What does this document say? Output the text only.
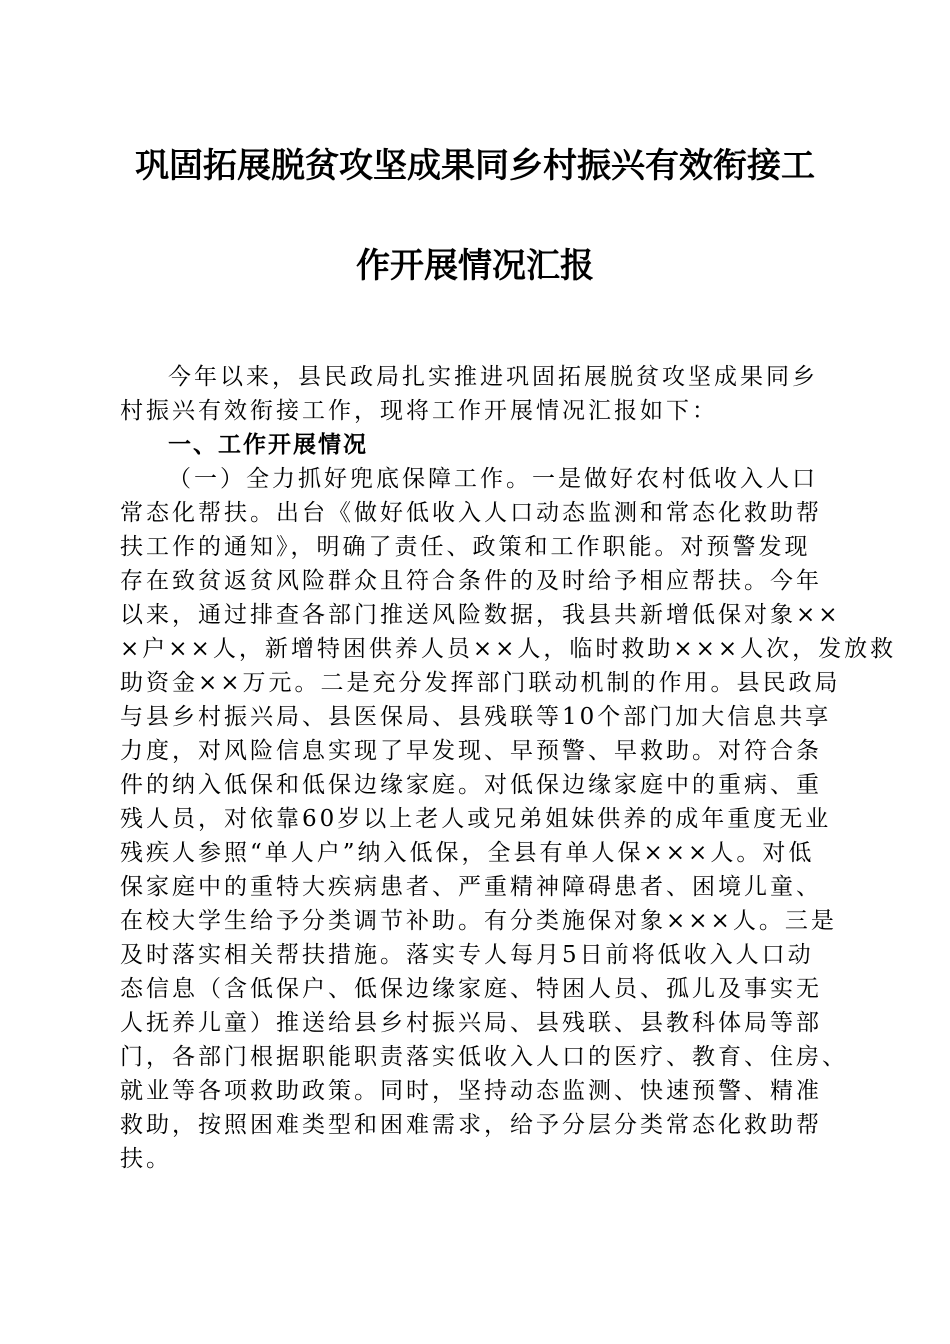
巩固拓展脱贫攻坚成果同乡村振兴有效衔接工
作开展情况汇报
今年以来，县民政局扎实推进巩固拓展脱贫攻坚成果同乡
村振兴有效衔接工作，现将工作开展情况汇报如下：
一、工作开展情况
（一）全力抓好兜底保障工作。一是做好农村低收入人口
常态化帮扶。出台《做好低收入人口动态监测和常态化救助帮
扶工作的通知》，明确了责任、政策和工作职能。对预警发现
存在致贫返贫风险群众且符合条件的及时给予相应帮扶。今年
以来，通过排查各部门推送风险数据，我县共新增低保对象××
×户××人，新增特困供养人员××人，临时救助×××人次，发放救
助资金××万元。二是充分发挥部门联动机制的作用。县民政局
与县乡村振兴局、县医保局、县残联等10个部门加大信息共享
力度，对风险信息实现了早发现、早预警、早救助。对符合条
件的纳入低保和低保边缘家庭。对低保边缘家庭中的重病、重
残人员，对依靠60岁以上老人或兄弟姐妹供养的成年重度无业
残疾人参照“单人户”纳入低保，全县有单人保×××人。对低
保家庭中的重特大疾病患者、严重精神障碍患者、困境儿童、
在校大学生给予分类调节补助。有分类施保对象×××人。三是
及时落实相关帮扶措施。落实专人每月5日前将低收入人口动
态信息（含低保户、低保边缘家庭、特困人员、孤儿及事实无
人抚养儿童）推送给县乡村振兴局、县残联、县教科体局等部
门，各部门根据职能职责落实低收入人口的医疗、教育、住房、
就业等各项救助政策。同时，坚持动态监测、快速预警、精准
救助，按照困难类型和困难需求，给予分层分类常态化救助帮
扶。
